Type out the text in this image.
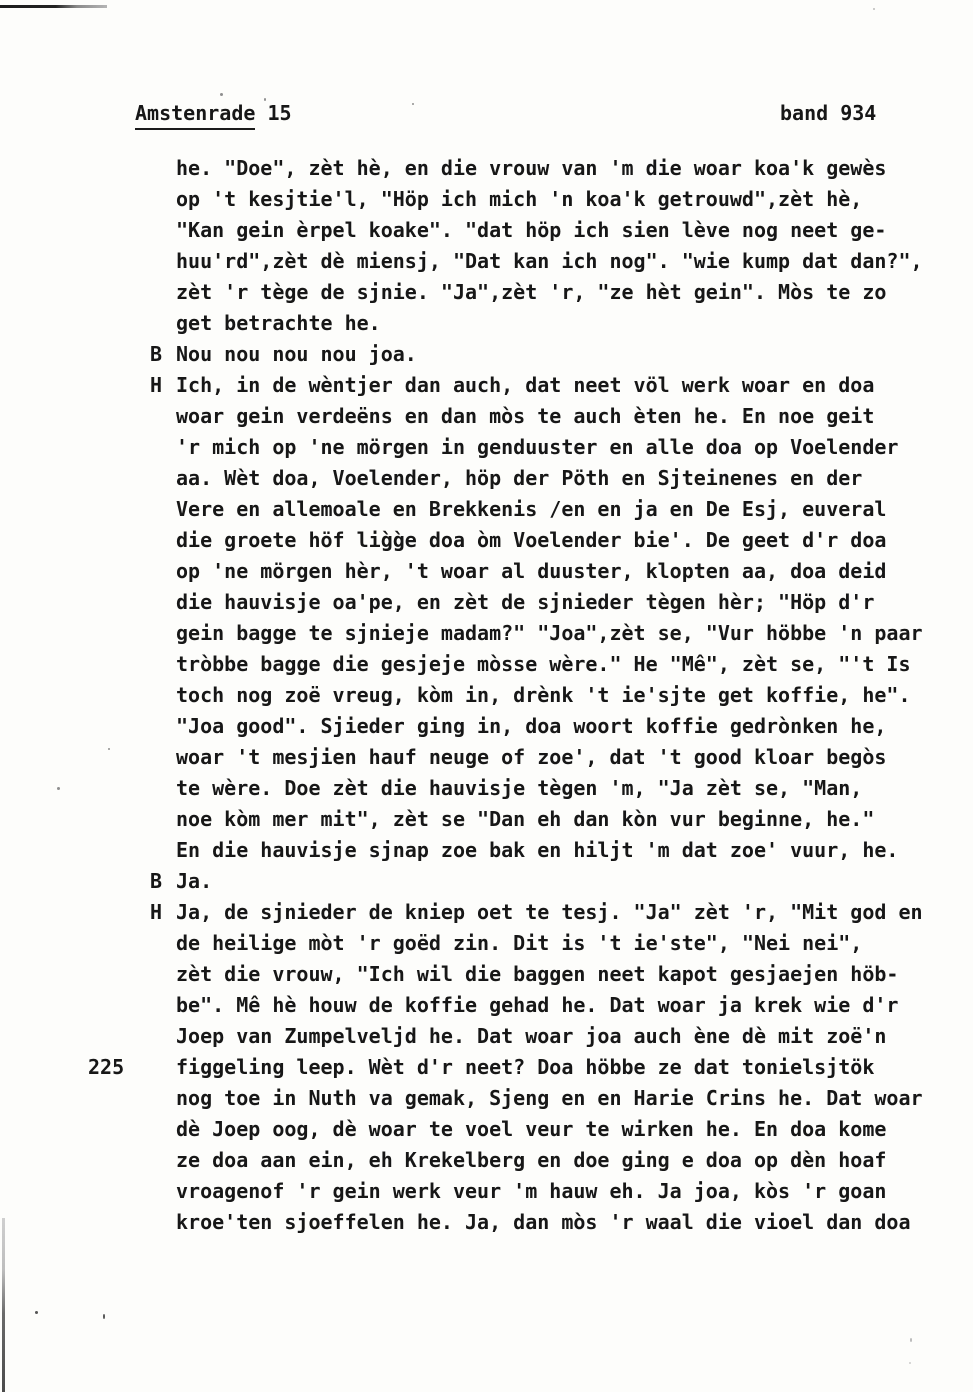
Amstenrade 15	band 934
he. "Doe", zèt hè, en die vrouw van 'm die woar koa'k gewès
op 't kesjtie'l, "Höp ich mich 'n koa'k getrouwd",zèt hè,
"Kan gein èrpel koake". "dat höp ich sien lève nog neet ge-
huu'rd",zèt dè miensj, "Dat kan ich nog". "wie kump dat dan?",
zèt 'r tège de sjnie. "Ja",zèt 'r, "ze hèt gein". Mòs te zo
get betrachte he.
B Nou nou nou nou joa.
H Ich, in de wèntjer dan auch, dat neet völ werk woar en doa
woar gein verdeëns en dan mòs te auch èten he. En noe geit
'r mich op 'ne mörgen in genduuster en alle doa op Voelender
aa. Wèt doa, Voelender, höp der Pöth en Sjteinenes en der
Vere en allemoale en Brekkenis /en en ja en De Esj, euveral
die groete höf lig̀g̀e doa òm Voelender bie'. De geet d'r doa
op 'ne mörgen hèr, 't woar al duuster, klopten aa, doa deid
die hauvisje oa'pe, en zèt de sjnieder tègen hèr; "Höp d'r
gein bagge te sjnieje madam?" "Joa",zèt se, "Vur höbbe 'n paar
tròbbe bagge die gesjeje mòsse wère." He "Mê", zèt se, "'t Is
toch nog zoë vreug, kòm in, drènk 't ie'sjte get koffie, he".
"Joa good". Sjieder ging in, doa woort koffie gedrònken he,
woar 't mesjien hauf neuge of zoe', dat 't good kloar begòs
te wère. Doe zèt die hauvisje tègen 'm, "Ja zèt se, "Man,
noe kòm mer mit", zèt se "Dan eh dan kòn vur beginne, he."
En die hauvisje sjnap zoe bak en hiljt 'm dat zoe' vuur, he.
B Ja.
H Ja, de sjnieder de kniep oet te tesj. "Ja" zèt 'r, "Mit god en
de heilige mòt 'r goëd zin. Dit is 't ie'ste", "Nei nei",
zèt die vrouw, "Ich wil die baggen neet kapot gesjaejen höb-
be". Mê hè houw de koffie gehad he. Dat woar ja krek wie d'r
Joep van Zumpelveljd he. Dat woar joa auch ène dè mit zoë'n
225	figgeling leep. Wèt d'r neet? Doa höbbe ze dat tonielsjtök
nog toe in Nuth va gemak, Sjeng en en Harie Crins he. Dat woar
dè Joep oog, dè woar te voel veur te wirken he. En doa kome
ze doa aan ein, eh Krekelberg en doe ging e doa op dèn hoaf
vroagenof 'r gein werk veur 'm hauw eh. Ja joa, kòs 'r goan
kroe'ten sjoeffelen he. Ja, dan mòs 'r waal die vioel dan doa
